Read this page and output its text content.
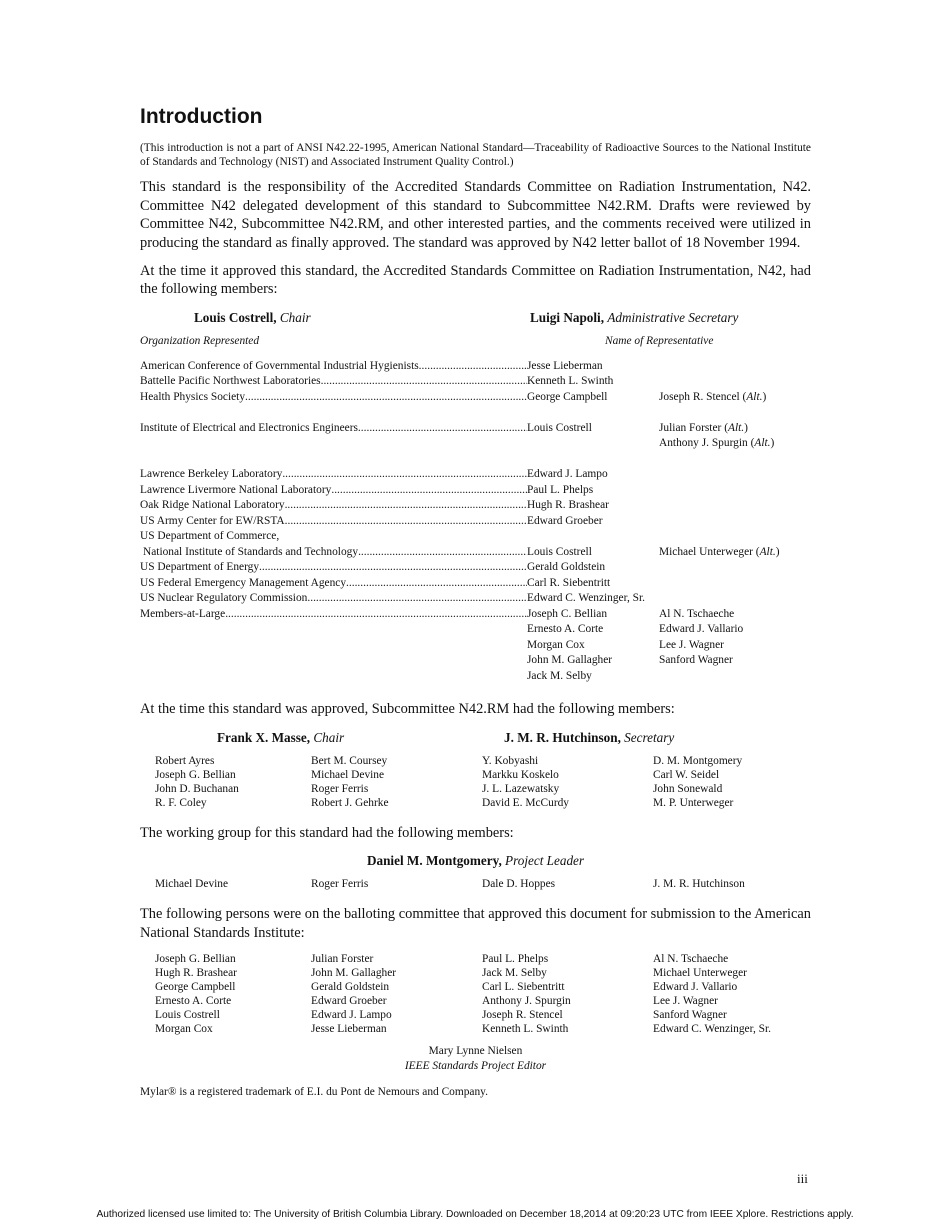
Introduction

(This introduction is not a part of ANSI N42.22-1995, American National Standard—Traceability of Radioactive Sources to the National Institute of Standards and Technology (NIST) and Associated Instrument Quality Control.)

This standard is the responsibility of the Accredited Standards Committee on Radiation Instrumentation, N42. Committee N42 delegated development of this standard to Subcommittee N42.RM. Drafts were reviewed by Committee N42, Subcommittee N42.RM, and other interested parties, and the comments received were utilized in producing the standard as finally approved. The standard was approved by N42 letter ballot of 18 November 1994.

At the time it approved this standard, the Accredited Standards Committee on Radiation Instrumentation, N42, had the following members:

Louis Costrell, Chair	Luigi Napoli, Administrative Secretary
Organization Represented	Name of Representative
American Conference of Governmental Industrial Hygienists .....	Jesse Lieberman
Battelle Pacific Northwest Laboratories .....	Kenneth L. Swinth
Health Physics Society .....	George Campbell	Joseph R. Stencel (Alt.)
Institute of Electrical and Electronics Engineers .....	Louis Costrell	Julian Forster (Alt.)
Anthony J. Spurgin (Alt.)
Lawrence Berkeley Laboratory .....	Edward J. Lampo
Lawrence Livermore National Laboratory .....	Paul L. Phelps
Oak Ridge National Laboratory .....	Hugh R. Brashear
US Army Center for EW/RSTA .....	Edward Groeber
US Department of Commerce,
National Institute of Standards and Technology .....	Louis Costrell	Michael Unterweger (Alt.)
US Department of Energy .....	Gerald Goldstein
US Federal Emergency Management Agency .....	Carl R. Siebentritt
US Nuclear Regulatory Commission .....	Edward C. Wenzinger, Sr.
Members-at-Large .....	Joseph C. Bellian	Al N. Tschaeche
Ernesto A. Corte	Edward J. Vallario
Morgan Cox	Lee J. Wagner
John M. Gallagher	Sanford Wagner
Jack M. Selby

At the time this standard was approved, Subcommittee N42.RM had the following members:

Frank X. Masse, Chair	J. M. R. Hutchinson, Secretary
Robert Ayres	Bert M. Coursey	Y. Kobyashi	D. M. Montgomery
Joseph G. Bellian	Michael Devine	Markku Koskelo	Carl W. Seidel
John D. Buchanan	Roger Ferris	J. L. Lazewatsky	John Sonewald
R. F. Coley	Robert J. Gehrke	David E. McCurdy	M. P. Unterweger

The working group for this standard had the following members:

Daniel M. Montgomery, Project Leader
Michael Devine	Roger Ferris	Dale D. Hoppes	J. M. R. Hutchinson

The following persons were on the balloting committee that approved this document for submission to the American National Standards Institute:

Joseph G. Bellian	Julian Forster	Paul L. Phelps	Al N. Tschaeche
Hugh R. Brashear	John M. Gallagher	Jack M. Selby	Michael Unterweger
George Campbell	Gerald Goldstein	Carl L. Siebentritt	Edward J. Vallario
Ernesto A. Corte	Edward Groeber	Anthony J. Spurgin	Lee J. Wagner
Louis Costrell	Edward J. Lampo	Joseph R. Stencel	Sanford Wagner
Morgan Cox	Jesse Lieberman	Kenneth L. Swinth	Edward C. Wenzinger, Sr.
Mary Lynne Nielsen
IEEE Standards Project Editor
Mylar® is a registered trademark of E.I. du Pont de Nemours and Company.
iii
Authorized licensed use limited to: The University of British Columbia Library. Downloaded on December 18,2014 at 09:20:23 UTC from IEEE Xplore. Restrictions apply.
